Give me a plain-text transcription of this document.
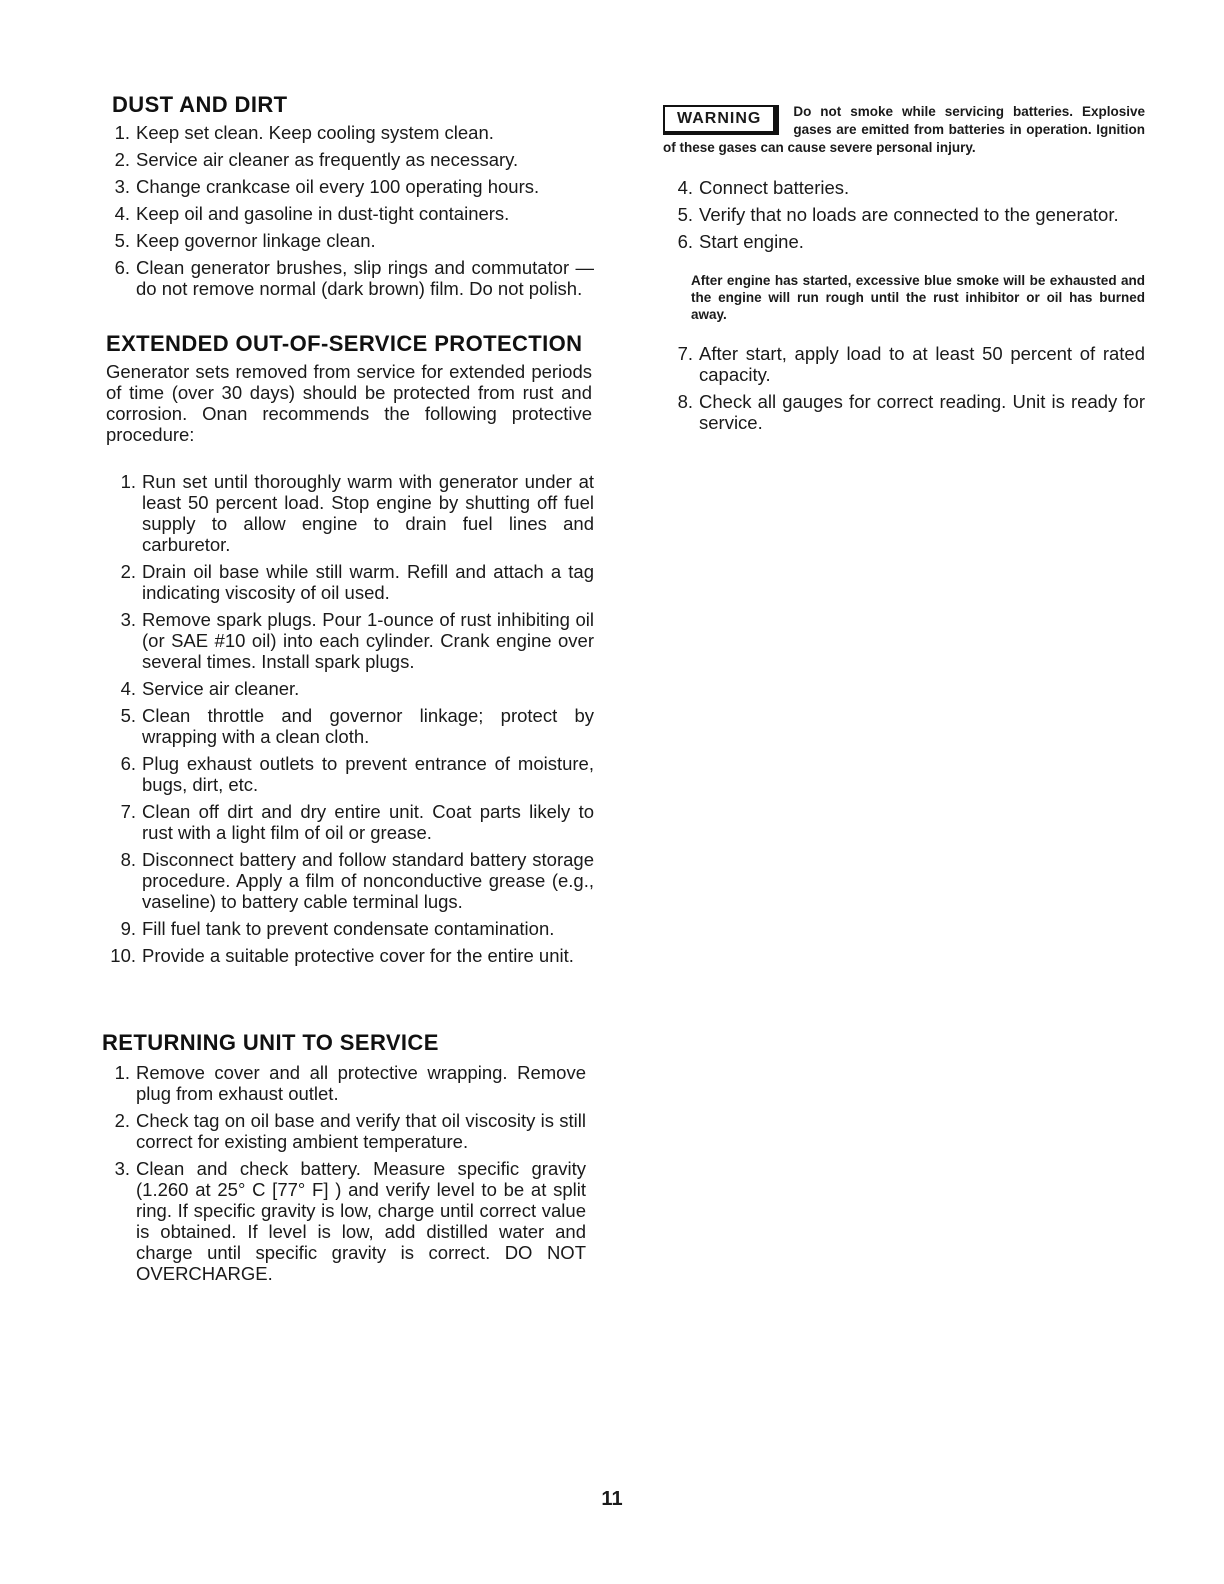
DUST AND DIRT
1 . Keep set clean. Keep cooling system clean.
2 . Service air cleaner as frequently as necessary.
3 . Change crankcase oil every 100 operating hours.
4 . Keep oil and gasoline in dust-tight containers.
5 . Keep governor linkage clean.
6 . Clean generator brushes, slip rings and commutator — do not remove normal (dark brown) film. Do not polish.
EXTENDED OUT-OF-SERVICE PROTECTION

Generator sets removed from service for extended periods of time (over 30 days) should be protected from rust and corrosion. Onan recommends the following protective procedure:

1 . Run set until thoroughly warm with generator under at least 50 percent load. Stop engine by shutting off fuel supply to allow engine to drain fuel lines and carburetor.
2 . Drain oil base while still warm. Refill and attach a tag indicating viscosity of oil used.
3 . Remove spark plugs. Pour 1-ounce of rust inhibiting oil (or SAE #10 oil) into each cylinder. Crank engine over several times. Install spark plugs.
4 . Service air cleaner.
5 . Clean throttle and governor linkage; protect by wrapping with a clean cloth.
6 . Plug exhaust outlets to prevent entrance of moisture, bugs, dirt, etc.
7 . Clean off dirt and dry entire unit. Coat parts likely to rust with a light film of oil or grease.
8 . Disconnect battery and follow standard battery storage procedure. Apply a film of nonconductive grease (e.g., vaseline) to battery cable terminal lugs.
9 . Fill fuel tank to prevent condensate contamination.
10 . Provide a suitable protective cover for the entire unit.
RETURNING UNIT TO SERVICE
1 . Remove cover and all protective wrapping. Remove plug from exhaust outlet.
2 . Check tag on oil base and verify that oil viscosity is still correct for existing ambient temperature.
3 . Clean and check battery. Measure specific gravity (1.260 at 25° C [77° F] ) and verify level to be at split ring. If specific gravity is low, charge until correct value is obtained. If level is low, add distilled water and charge until specific gravity is correct. DO NOT OVERCHARGE.
WARNING	Do not smoke while servicing batteries. Explosive gases are emitted from batteries in operation. Ignition of these gases can cause severe personal injury.
4 . Connect batteries.
5 . Verify that no loads are connected to the generator.
6 . Start engine.

After engine has started, excessive blue smoke will be exhausted and the engine will run rough until the rust inhibitor or oil has burned away.

7 . After start, apply load to at least 50 percent of rated capacity.
8 . Check all gauges for correct reading. Unit is ready for service.
11
